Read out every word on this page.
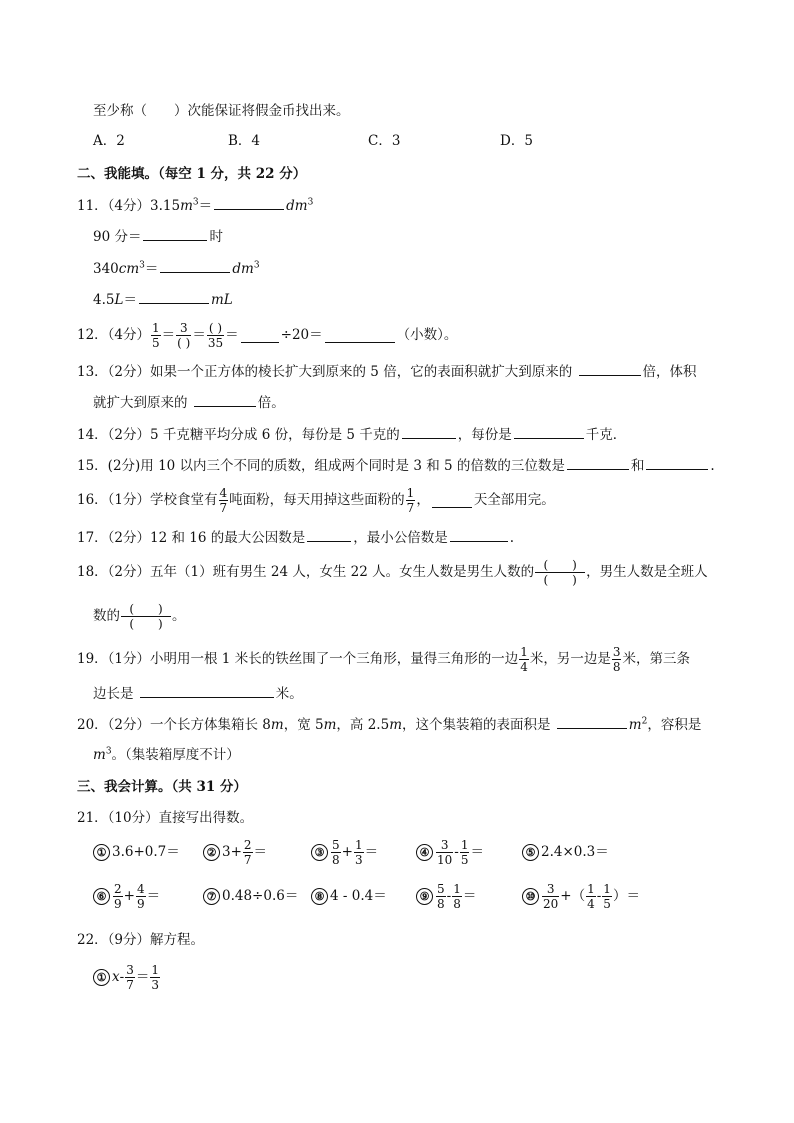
至少称（　　）次能保证将假金币找出来。
A．2	B．4	C．3	D．5
二、我能填。（每空 1 分，共 22 分）
11．（4分）$3.15m^3=$	$dm^3$
90 分＝	时
$340cm^3=$	$dm^3$
4.5L＝	mL
12．（4分） $\frac{1}{5} = \frac{3}{( )} = \frac{( )}{35}$ ＝	÷20＝	（小数）。
13．（2分）如果一个正方体的棱长扩大到原来的 5 倍，它的表面积就扩大到原来的	倍，体积
就扩大到原来的	倍。
14．（2分）5 千克糖平均分成 6 份，每份是 5 千克的	，每份是	千克．
15．(2分)用 10 以内三个不同的质数，组成两个同时是 3 和 5 的倍数的三位数是	和	.
16．（1分）学校食堂有 $\frac{4}{7}$ 吨面粉，每天用掉这些面粉的 $\frac{1}{7}$ ，	天全部用完。
17．（2分）12 和 16 的最大公因数是	，最小公倍数是	.
18．（2分）五年（1）班有男生 24 人，女生 22 人。女生人数是男生人数的 $\frac{( )}{( )}$ ，男生人数是全班人
数的 $\frac{( )}{( )}$ 。
19．（1分）小明用一根 1 米长的铁丝围了一个三角形，量得三角形的一边 $\frac{1}{4}$ 米，另一边是 $\frac{3}{8}$ 米，第三条
边长是	米。
20．（2分）一个长方体集箱长 8m，宽 5m，高 2.5m，这个集装箱的表面积是	$m^2$，容积是
$m^3$。（集装箱厚度不计）
三、我会计算。（共 31 分）
21．（10分）直接写出得数。
① 3.6+0.7＝	② $3+ \frac{2}{7}$ ＝	③ $\frac{5}{8} + \frac{1}{3}$ ＝	④ $\frac{3}{10} - \frac{1}{5}$ ＝	⑤ 2.4×0.3＝
⑥ $\frac{2}{9} + \frac{4}{9}$ ＝	⑦ 0.48÷0.6＝	⑧ 4 - 0.4＝	⑨ $\frac{5}{8} - \frac{1}{8}$ ＝	⑩ $\frac{3}{20}$ + （ $\frac{1}{4} - \frac{1}{5}$ ） ＝
22．（9分）解方程。
① $x - \frac{3}{7} = \frac{1}{3}$
